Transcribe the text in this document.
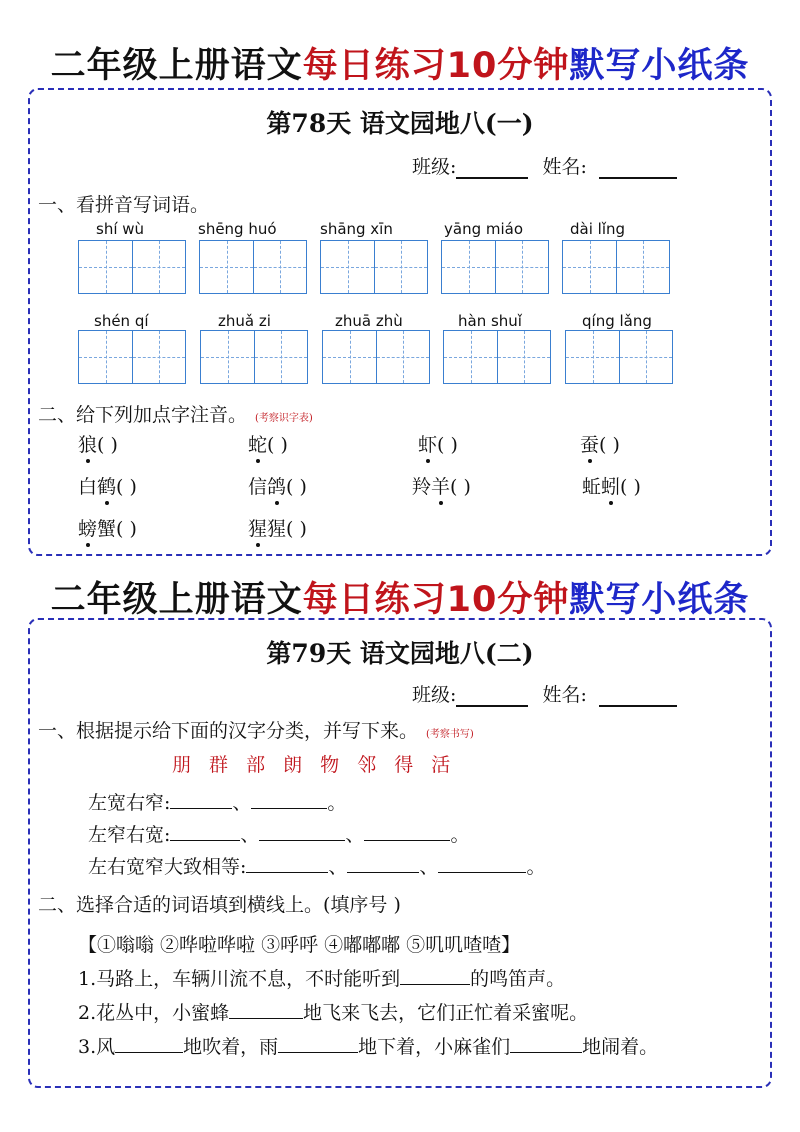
二年级上册语文每日练习10分钟默写小纸条
第78天 语文园地八(一)
班级:	姓名:
一、看拼音写词语。
shí wù	shēng huó	shāng xīn	yāng miáo	dài lǐng
shén qí	zhuǎ zi	zhuā zhù	hàn shuǐ	qíng lǎng
二、给下列加点字注音。 (考察识字表)
狼( )	蛇( )	虾( )	蚕( )
白鹤( )	信鸽( )	羚羊( )	蚯蚓( )
螃蟹( )	猩猩( )
二年级上册语文每日练习10分钟默写小纸条
第79天 语文园地八(二)
班级:	姓名:
一、根据提示给下面的汉字分类，并写下来。 (考察书写)
朋 群 部 朗 物 邻 得 活
左宽右窄:	、	。
左窄右宽:	、	、	。
左右宽窄大致相等:	、	、	。
二、选择合适的词语填到横线上。(填序号 )
【①嗡嗡 ②哗啦哗啦 ③呼呼 ④嘟嘟嘟 ⑤叽叽喳喳】
1.马路上，车辆川流不息，不时能听到	的鸣笛声。
2.花丛中，小蜜蜂	地飞来飞去，它们正忙着采蜜呢。
3.风	地吹着，雨	地下着，小麻雀们	地闹着。
